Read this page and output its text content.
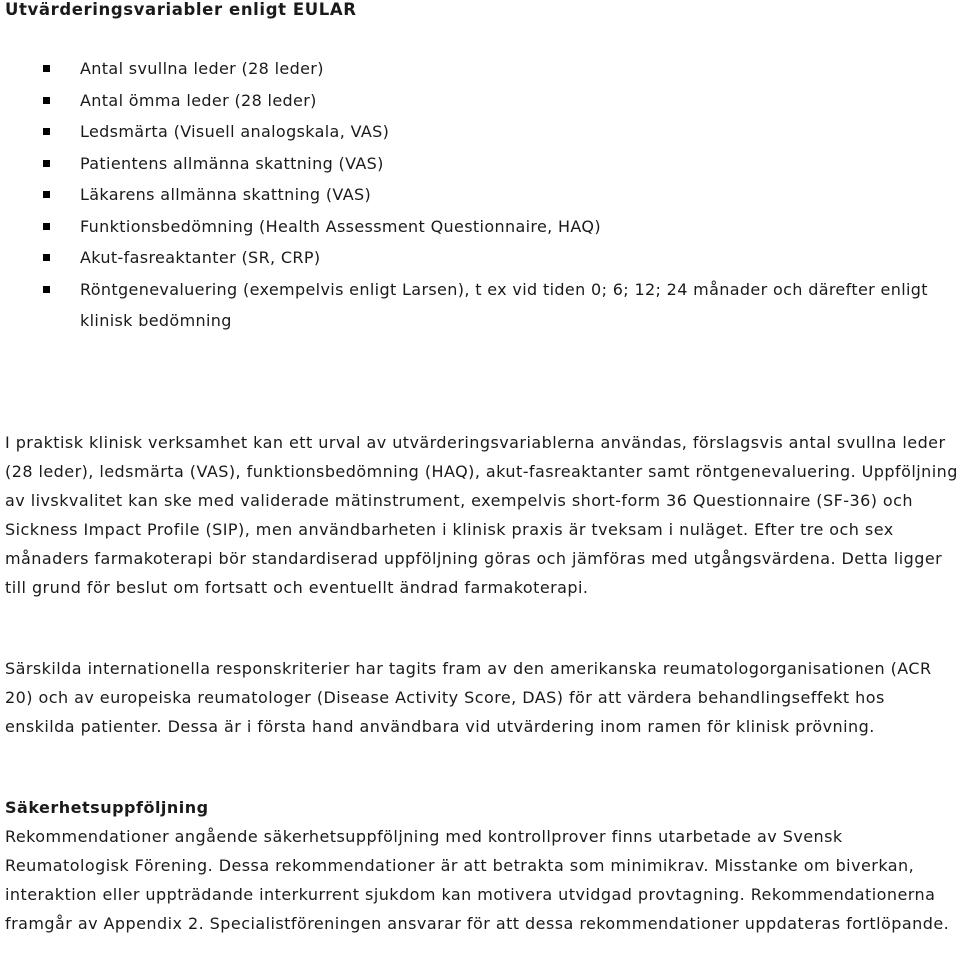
Utvärderingsvariabler enligt EULAR
Antal svullna leder (28 leder)
Antal ömma leder (28 leder)
Ledsmärta (Visuell analogskala, VAS)
Patientens allmänna skattning (VAS)
Läkarens allmänna skattning (VAS)
Funktionsbedömning (Health Assessment Questionnaire, HAQ)
Akut-fasreaktanter (SR, CRP)
Röntgenevaluering (exempelvis enligt Larsen), t ex vid tiden 0; 6; 12; 24 månader och därefter enligt klinisk bedömning

I praktisk klinisk verksamhet kan ett urval av utvärderingsvariablerna användas, förslagsvis antal svullna leder (28 leder), ledsmärta (VAS), funktionsbedömning (HAQ), akut-fasreaktanter samt röntgenevaluering. Uppföljning av livskvalitet kan ske med validerade mätinstrument, exempelvis short-form 36 Questionnaire (SF-36) och Sickness Impact Profile (SIP), men användbarheten i klinisk praxis är tveksam i nuläget. Efter tre och sex månaders farmakoterapi bör standardiserad uppföljning göras och jämföras med utgångsvärdena. Detta ligger till grund för beslut om fortsatt och eventuellt ändrad farmakoterapi.

Särskilda internationella responskriterier har tagits fram av den amerikanska reumatologorganisationen (ACR 20) och av europeiska reumatologer (Disease Activity Score, DAS) för att värdera behandlingseffekt hos enskilda patienter. Dessa är i första hand användbara vid utvärdering inom ramen för klinisk prövning.

Säkerhetsuppföljning

Rekommendationer angående säkerhetsuppföljning med kontrollprover finns utarbetade av Svensk Reumatologisk Förening. Dessa rekommendationer är att betrakta som minimikrav. Misstanke om biverkan, interaktion eller uppträdande interkurrent sjukdom kan motivera utvidgad provtagning. Rekommendationerna framgår av Appendix 2. Specialistföreningen ansvarar för att dessa rekommendationer uppdateras fortlöpande.
